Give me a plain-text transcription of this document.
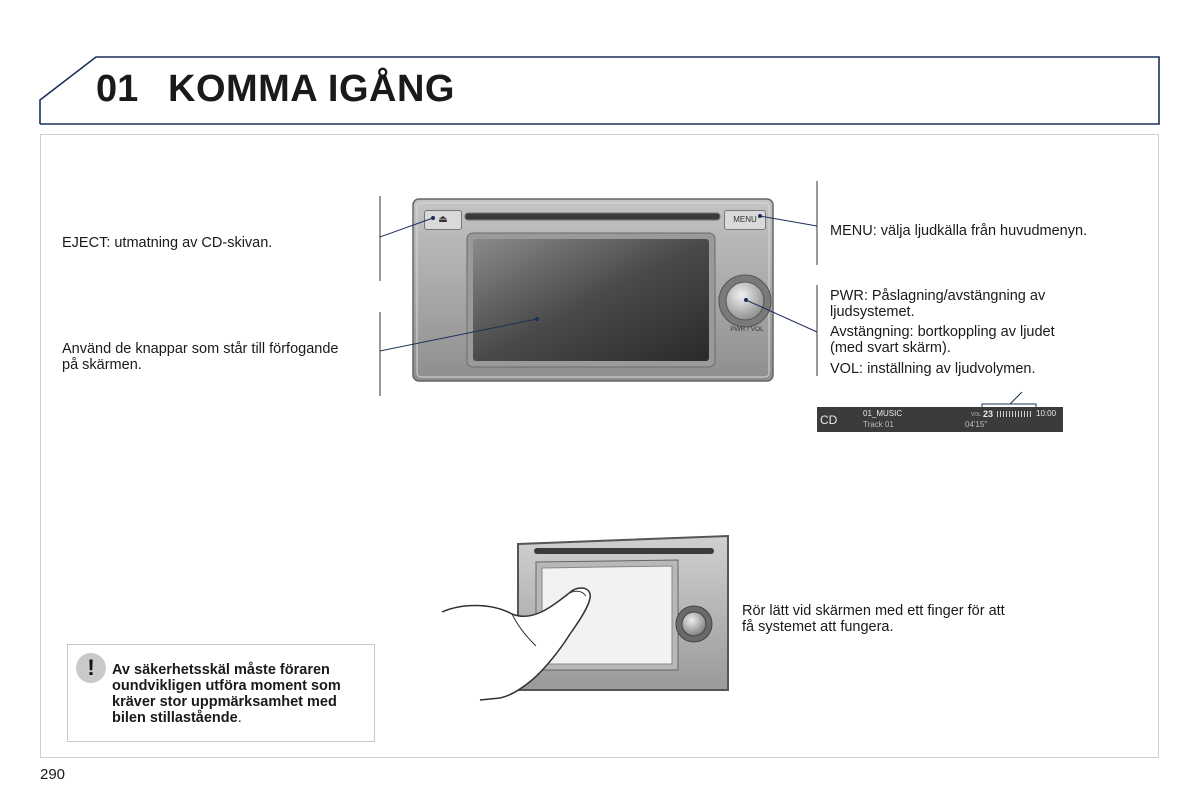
01 KOMMA IGÅNG
⏏	MENU
PWR / VOL
EJECT: utmatning av CD-skivan.
Använd de knappar som står till förfogande
på skärmen.
MENU: välja ljudkälla från huvudmenyn.
PWR: Påslagning/avstängning av
ljudsystemet.
Avstängning: bortkoppling av ljudet
(med svart skärm).
VOL: inställning av ljudvolymen.
CD	01_MUSIC
Track 01
VOL 23
04'15"
10:00
Rör lätt vid skärmen med ett finger för att
få systemet att fungera.
!	Av säkerhetsskäl måste föraren oundvikligen utföra moment som kräver stor uppmärksamhet med bilen stillastående.
290
